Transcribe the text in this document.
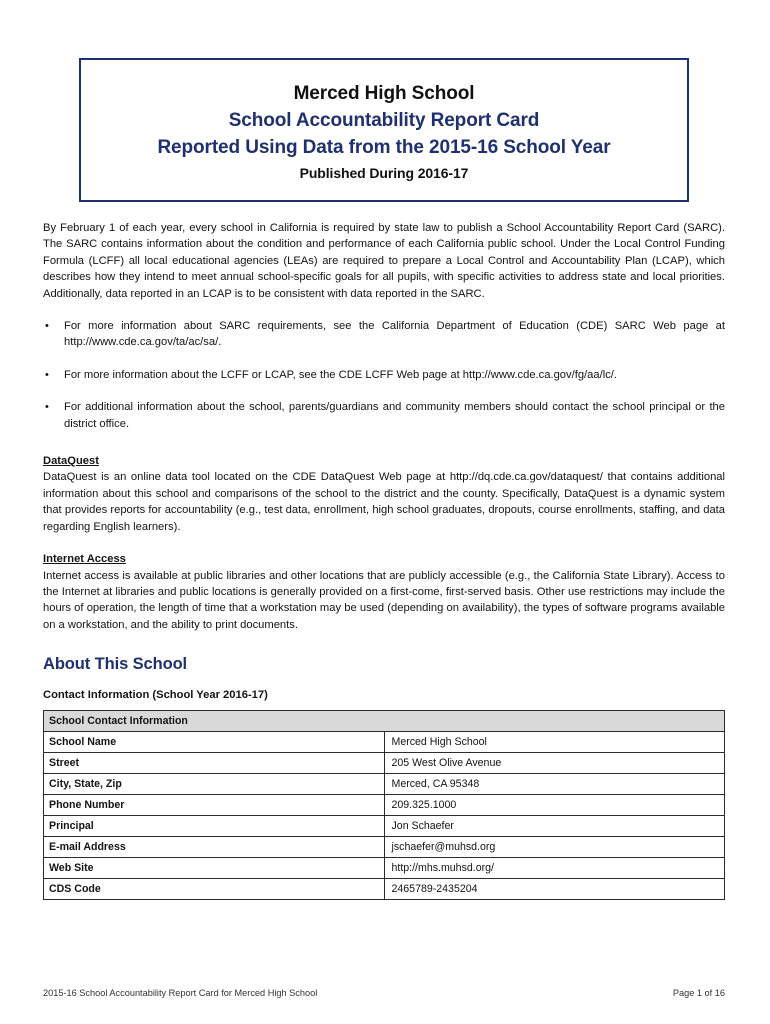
Merced High School
School Accountability Report Card
Reported Using Data from the 2015-16 School Year
Published During 2016-17

By February 1 of each year, every school in California is required by state law to publish a School Accountability Report Card (SARC). The SARC contains information about the condition and performance of each California public school. Under the Local Control Funding Formula (LCFF) all local educational agencies (LEAs) are required to prepare a Local Control and Accountability Plan (LCAP), which describes how they intend to meet annual school-specific goals for all pupils, with specific activities to address state and local priorities. Additionally, data reported in an LCAP is to be consistent with data reported in the SARC.

• For more information about SARC requirements, see the California Department of Education (CDE) SARC Web page at http://www.cde.ca.gov/ta/ac/sa/.
• For more information about the LCFF or LCAP, see the CDE LCFF Web page at http://www.cde.ca.gov/fg/aa/lc/.
• For additional information about the school, parents/guardians and community members should contact the school principal or the district office.
DataQuest

DataQuest is an online data tool located on the CDE DataQuest Web page at http://dq.cde.ca.gov/dataquest/ that contains additional information about this school and comparisons of the school to the district and the county. Specifically, DataQuest is a dynamic system that provides reports for accountability (e.g., test data, enrollment, high school graduates, dropouts, course enrollments, staffing, and data regarding English learners).

Internet Access

Internet access is available at public libraries and other locations that are publicly accessible (e.g., the California State Library). Access to the Internet at libraries and public locations is generally provided on a first-come, first-served basis. Other use restrictions may include the hours of operation, the length of time that a workstation may be used (depending on availability), the types of software programs available on a workstation, and the ability to print documents.

About This School
Contact Information (School Year 2016-17)
School Contact Information	
School Name	Merced High School
Street	205 West Olive Avenue
City, State, Zip	Merced, CA 95348
Phone Number	209.325.1000
Principal	Jon Schaefer
E-mail Address	jschaefer@muhsd.org
Web Site	http://mhs.muhsd.org/
CDS Code	2465789-2435204
2015-16 School Accountability Report Card for Merced High School	Page 1 of 16
